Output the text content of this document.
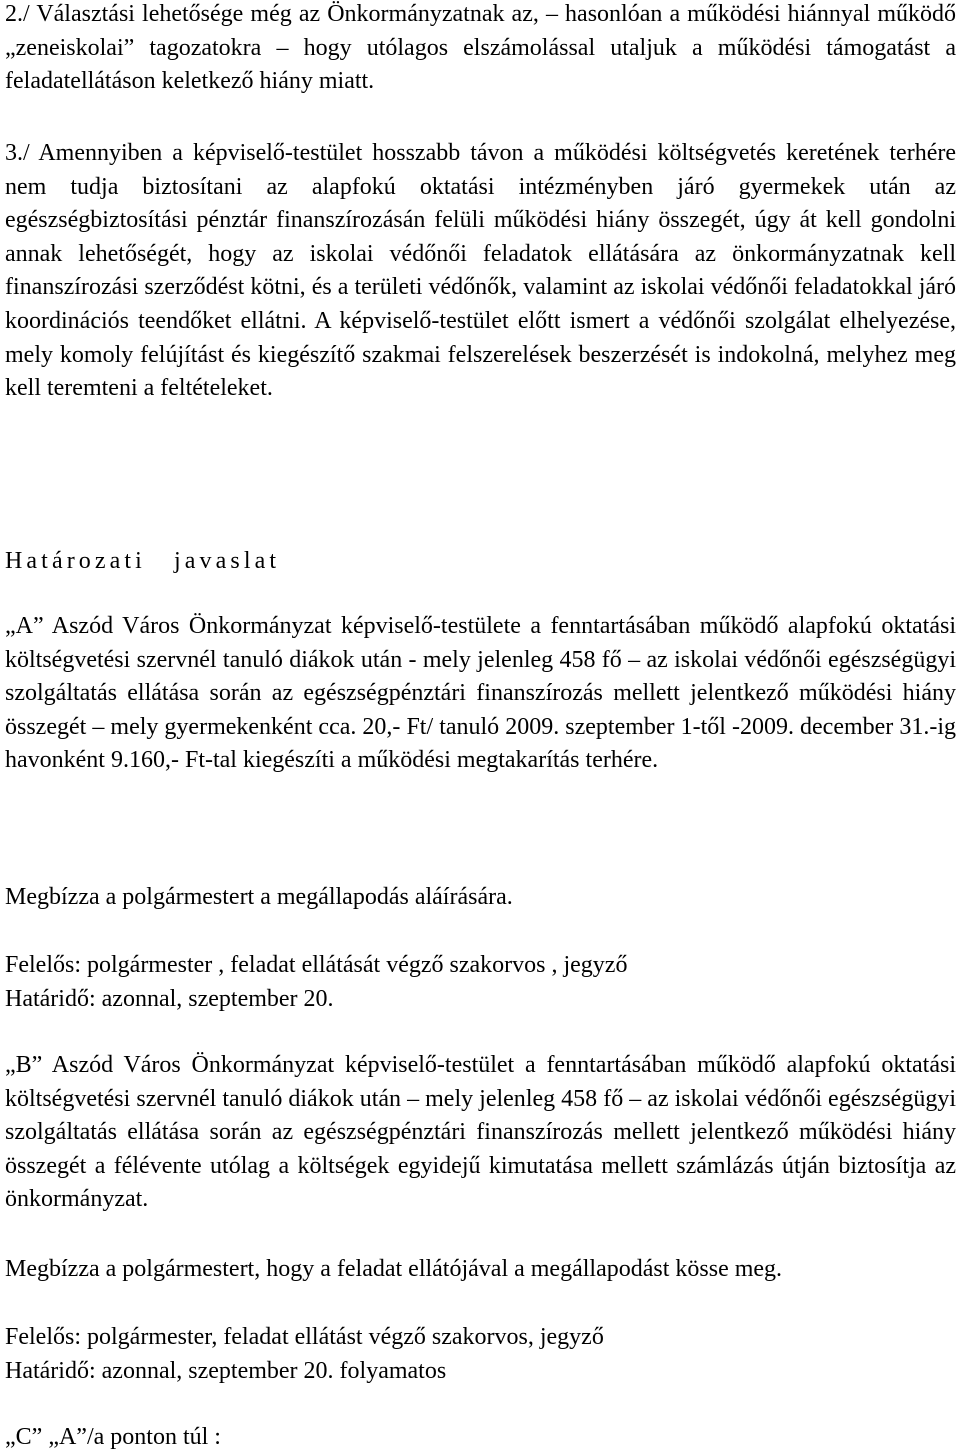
2./ Választási lehetősége még az Önkormányzatnak az, – hasonlóan a működési hiánnyal működő „zeneiskolai” tagozatokra – hogy utólagos elszámolással utaljuk a működési támogatást a feladatellátáson keletkező hiány miatt.

3./ Amennyiben a képviselő-testület hosszabb távon a működési költségvetés keretének terhére nem tudja biztosítani az alapfokú oktatási intézményben járó gyermekek után az egészségbiztosítási pénztár finanszírozásán felüli működési hiány összegét, úgy át kell gondolni annak lehetőségét, hogy az iskolai védőnői feladatok ellátására az önkormányzatnak kell finanszírozási szerződést kötni, és a területi védőnők, valamint az iskolai védőnői feladatokkal járó koordinációs teendőket ellátni. A képviselő-testület előtt ismert a védőnői szolgálat elhelyezése, mely komoly felújítást és kiegészítő szakmai felszerelések beszerzését is indokolná, melyhez meg kell teremteni a feltételeket.

Határozati javaslat

„A” Aszód Város Önkormányzat képviselő-testülete a fenntartásában működő alapfokú oktatási költségvetési szervnél tanuló diákok után - mely jelenleg 458 fő – az iskolai védőnői egészségügyi szolgáltatás ellátása során az egészségpénztári finanszírozás mellett jelentkező működési hiány összegét – mely gyermekenként cca. 20,- Ft/ tanuló 2009. szeptember 1-től -2009. december 31.-ig havonként 9.160,- Ft-tal kiegészíti a működési megtakarítás terhére.

Megbízza a polgármestert a megállapodás aláírására.

Felelős: polgármester , feladat ellátását végző szakorvos , jegyző

Határidő: azonnal, szeptember 20.

„B” Aszód Város Önkormányzat képviselő-testület a fenntartásában működő alapfokú oktatási költségvetési szervnél tanuló diákok után – mely jelenleg 458 fő – az iskolai védőnői egészségügyi szolgáltatás ellátása során az egészségpénztári finanszírozás mellett jelentkező működési hiány összegét a félévente utólag a költségek egyidejű kimutatása mellett számlázás útján biztosítja az önkormányzat.

Megbízza a polgármestert, hogy a feladat ellátójával a megállapodást kösse meg.

Felelős: polgármester, feladat ellátást végző szakorvos, jegyző

Határidő: azonnal, szeptember 20. folyamatos

„C” „A”/a ponton túl :
